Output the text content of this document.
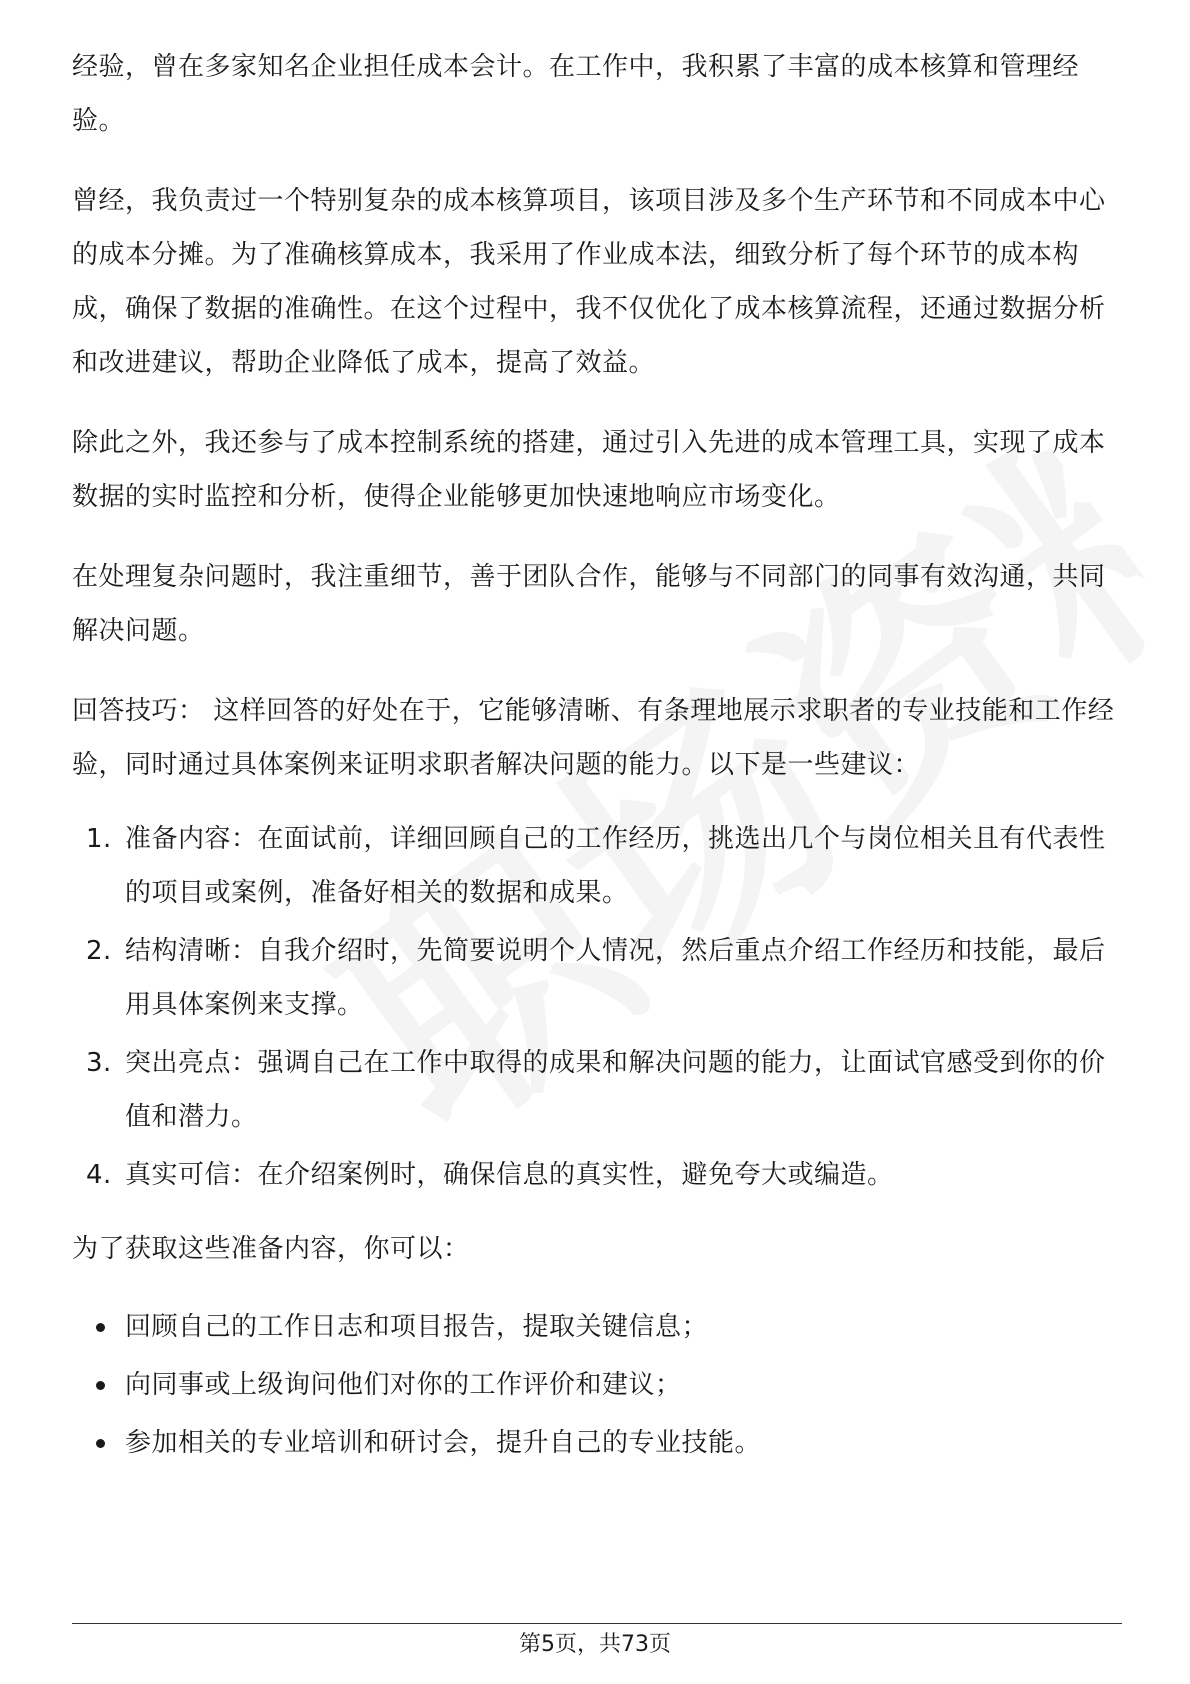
经验，曾在多家知名企业担任成本会计。在工作中，我积累了丰富的成本核算和管理经验。

曾经，我负责过一个特别复杂的成本核算项目，该项目涉及多个生产环节和不同成本中心的成本分摊。为了准确核算成本，我采用了作业成本法，细致分析了每个环节的成本构成，确保了数据的准确性。在这个过程中，我不仅优化了成本核算流程，还通过数据分析和改进建议，帮助企业降低了成本，提高了效益。

除此之外，我还参与了成本控制系统的搭建，通过引入先进的成本管理工具，实现了成本数据的实时监控和分析，使得企业能够更加快速地响应市场变化。

在处理复杂问题时，我注重细节，善于团队合作，能够与不同部门的同事有效沟通，共同解决问题。

回答技巧： 这样回答的好处在于，它能够清晰、有条理地展示求职者的专业技能和工作经验，同时通过具体案例来证明求职者解决问题的能力。以下是一些建议：

1. 准备内容：在面试前，详细回顾自己的工作经历，挑选出几个与岗位相关且有代表性的项目或案例，准备好相关的数据和成果。
2. 结构清晰：自我介绍时，先简要说明个人情况，然后重点介绍工作经历和技能，最后用具体案例来支撑。
3. 突出亮点：强调自己在工作中取得的成果和解决问题的能力，让面试官感受到你的价值和潜力。
4. 真实可信：在介绍案例时，确保信息的真实性，避免夸大或编造。

为了获取这些准备内容，你可以：

回顾自己的工作日志和项目报告，提取关键信息；
向同事或上级询问他们对你的工作评价和建议；
参加相关的专业培训和研讨会，提升自己的专业技能。
第5页，共73页
